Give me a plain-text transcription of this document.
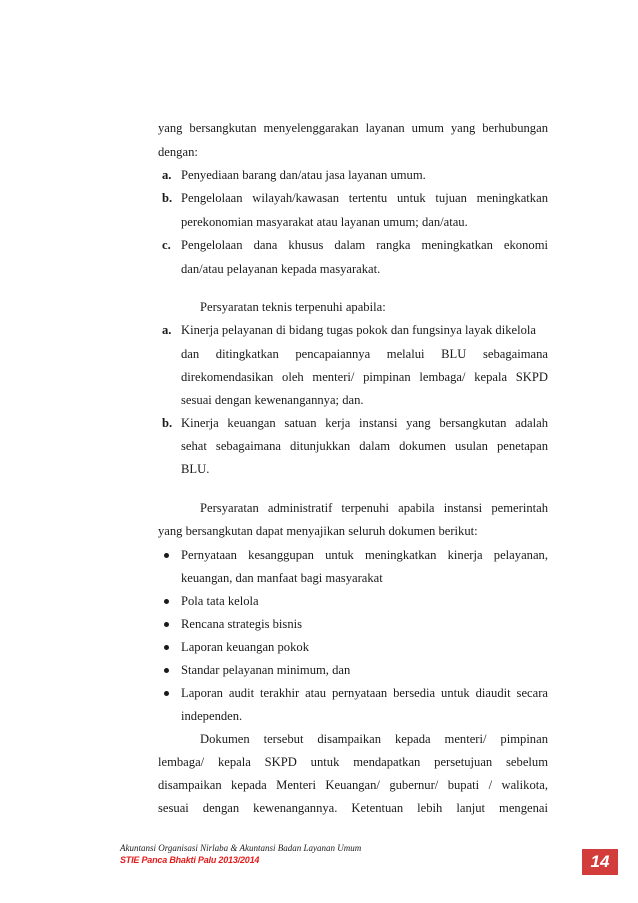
yang bersangkutan menyelenggarakan layanan umum yang berhubungan
dengan:
a. Penyediaan barang dan/atau jasa layanan umum.
b. Pengelolaan wilayah/kawasan tertentu untuk tujuan meningkatkan
perekonomian masyarakat atau layanan umum; dan/atau.
c. Pengelolaan dana khusus dalam rangka meningkatkan ekonomi
dan/atau pelayanan kepada masyarakat.
Persyaratan teknis terpenuhi apabila:
a. Kinerja pelayanan di bidang tugas pokok dan fungsinya layak dikelola
dan ditingkatkan pencapaiannya melalui BLU sebagaimana
direkomendasikan oleh menteri/ pimpinan lembaga/ kepala SKPD
sesuai dengan kewenangannya; dan.
b. Kinerja keuangan satuan kerja instansi yang bersangkutan adalah
sehat sebagaimana ditunjukkan dalam dokumen usulan penetapan
BLU.
Persyaratan administratif terpenuhi apabila instansi pemerintah
yang bersangkutan dapat menyajikan seluruh dokumen berikut:
Pernyataan kesanggupan untuk meningkatkan kinerja pelayanan,
keuangan, dan manfaat bagi masyarakat
Pola tata kelola
Rencana strategis bisnis
Laporan keuangan pokok
Standar pelayanan minimum, dan
Laporan audit terakhir atau pernyataan bersedia untuk diaudit secara
independen.
Dokumen tersebut disampaikan kepada menteri/ pimpinan
lembaga/ kepala SKPD untuk mendapatkan persetujuan sebelum
disampaikan kepada Menteri Keuangan/ gubernur/ bupati / walikota,
sesuai dengan kewenangannya. Ketentuan lebih lanjut mengenai
Akuntansi Organisasi Nirlaba & Akuntansi Badan Layanan Umum
STIE Panca Bhakti Palu 2013/2014	14
